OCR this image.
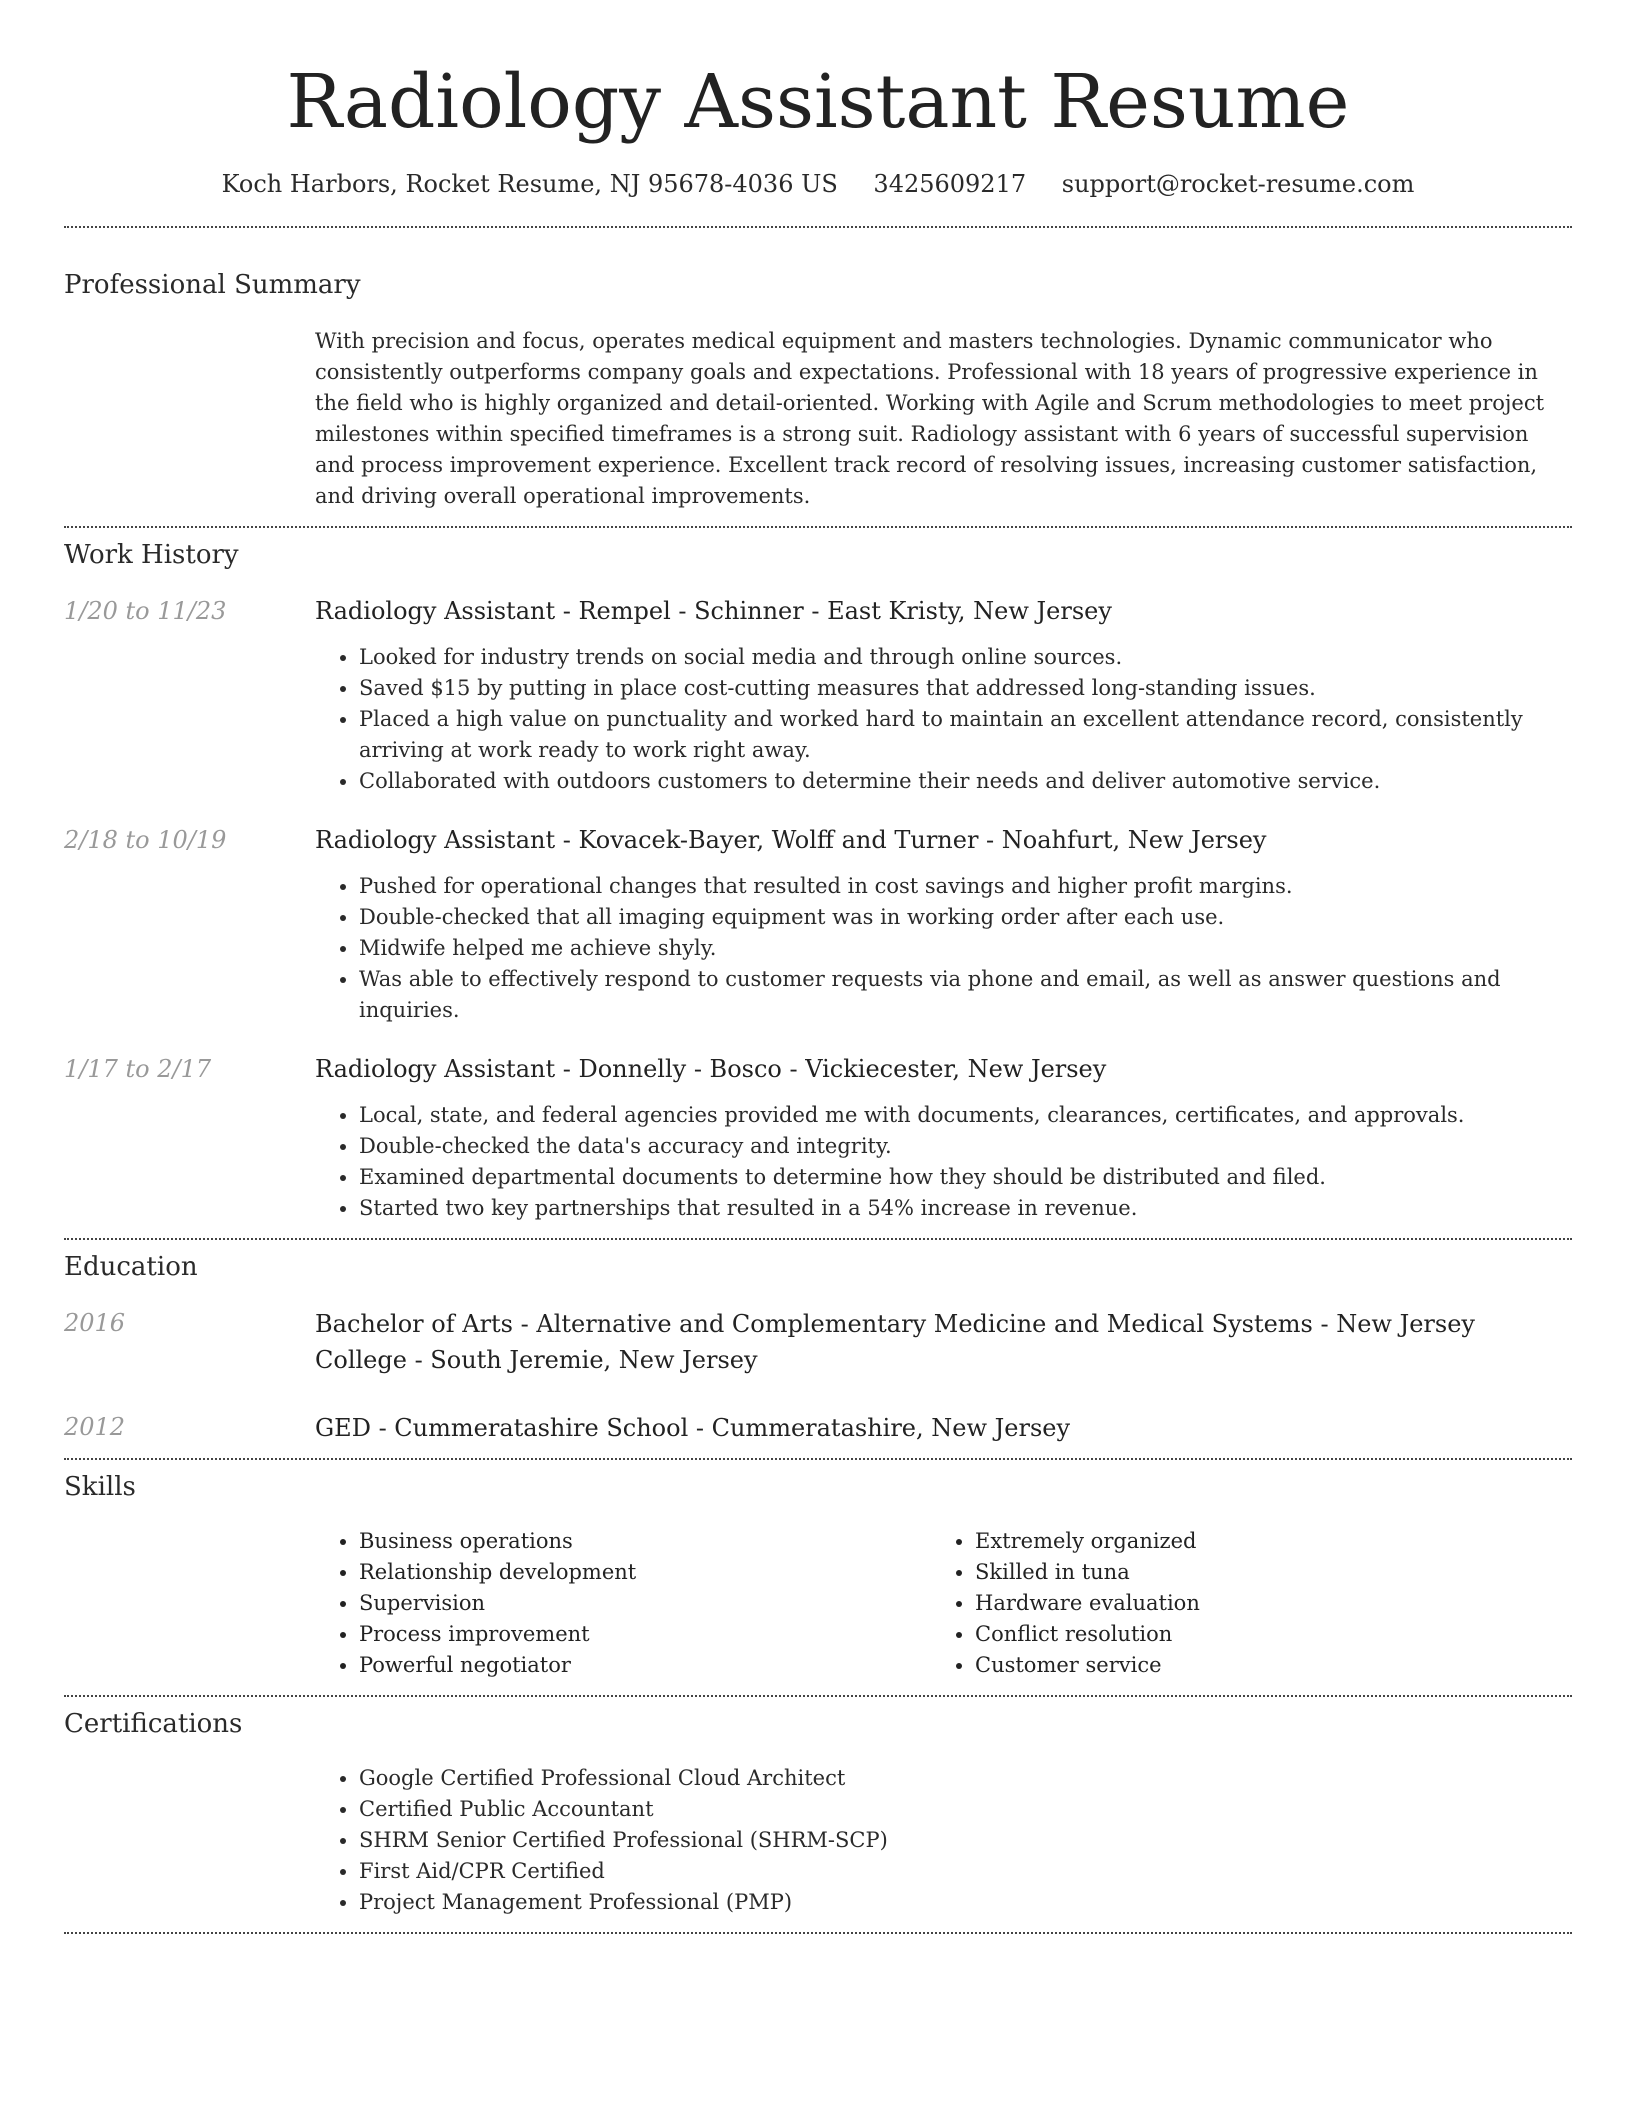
Radiology Assistant Resume
Koch Harbors, Rocket Resume, NJ 95678-4036 US 3425609217 support@rocket-resume.com
Professional Summary

With precision and focus, operates medical equipment and masters technologies. Dynamic communicator who consistently outperforms company goals and expectations. Professional with 18 years of progressive experience in the field who is highly organized and detail-oriented. Working with Agile and Scrum methodologies to meet project milestones within specified timeframes is a strong suit. Radiology assistant with 6 years of successful supervision and process improvement experience. Excellent track record of resolving issues, increasing customer satisfaction, and driving overall operational improvements.

Work History
1/20 to 11/23	Radiology Assistant - Rempel - Schinner - East Kristy, New Jersey
• Looked for industry trends on social media and through online sources.
• Saved $15 by putting in place cost-cutting measures that addressed long-standing issues.
• Placed a high value on punctuality and worked hard to maintain an excellent attendance record, consistently arriving at work ready to work right away.
• Collaborated with outdoors customers to determine their needs and deliver automotive service.
2/18 to 10/19	Radiology Assistant - Kovacek-Bayer, Wolff and Turner - Noahfurt, New Jersey
• Pushed for operational changes that resulted in cost savings and higher profit margins.
• Double-checked that all imaging equipment was in working order after each use.
• Midwife helped me achieve shyly.
• Was able to effectively respond to customer requests via phone and email, as well as answer questions and inquiries.
1/17 to 2/17	Radiology Assistant - Donnelly - Bosco - Vickiecester, New Jersey
• Local, state, and federal agencies provided me with documents, clearances, certificates, and approvals.
• Double-checked the data's accuracy and integrity.
• Examined departmental documents to determine how they should be distributed and filed.
• Started two key partnerships that resulted in a 54% increase in revenue.
Education
2016	Bachelor of Arts - Alternative and Complementary Medicine and Medical Systems - New Jersey College - South Jeremie, New Jersey
2012	GED - Cummeratashire School - Cummeratashire, New Jersey
Skills
• Business operations
• Relationship development
• Supervision
• Process improvement
• Powerful negotiator
• Extremely organized
• Skilled in tuna
• Hardware evaluation
• Conflict resolution
• Customer service
Certifications
• Google Certified Professional Cloud Architect
• Certified Public Accountant
• SHRM Senior Certified Professional (SHRM-SCP)
• First Aid/CPR Certified
• Project Management Professional (PMP)
